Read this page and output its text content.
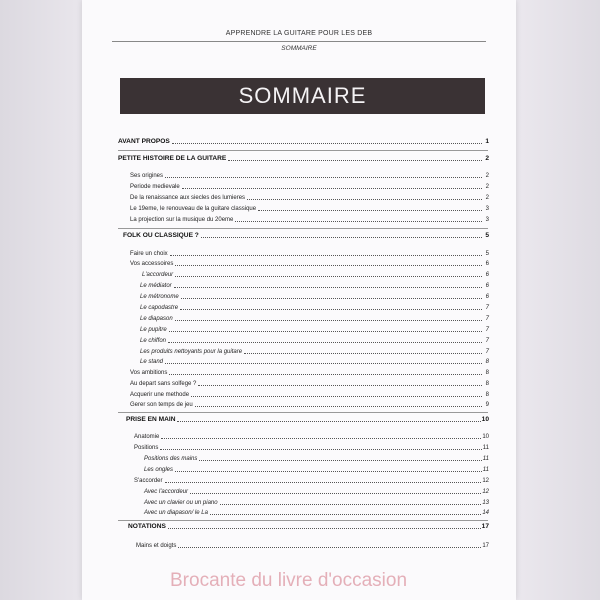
APPRENDRE LA GUITARE POUR LES DEB
SOMMAIRE
SOMMAIRE
AVANT PROPOS	1
PETITE HISTOIRE DE LA GUITARE	2
Ses origines	2
Periode medievale	2
De la renaissance aux siecles des lumieres	2
Le 19eme, le renouveau de la guitare classique	3
La projection sur la musique du 20eme	3
FOLK OU CLASSIQUE ?	5
Faire un choix	5
Vos accessoires	6
L'accordeur	6
Le médiator	6
Le métronome	6
Le capodastre	7
Le diapason	7
Le pupitre	7
Le chiffon	7
Les produits nettoyants pour la guitare	7
Le stand	8
Vos ambitions	8
Au depart sans solfege ?	8
Acquerir une methode	8
Gerer son temps de jeu	9
PRISE EN MAIN	10
Anatomie	10
Positions	11
Positions des mains	11
Les ongles	11
S'accorder	12
Avec l'accordeur	12
Avec un clavier ou un piano	13
Avec un diapason/ le La	14
NOTATIONS	17
Mains et doigts	17
Brocante du livre d'occasion
